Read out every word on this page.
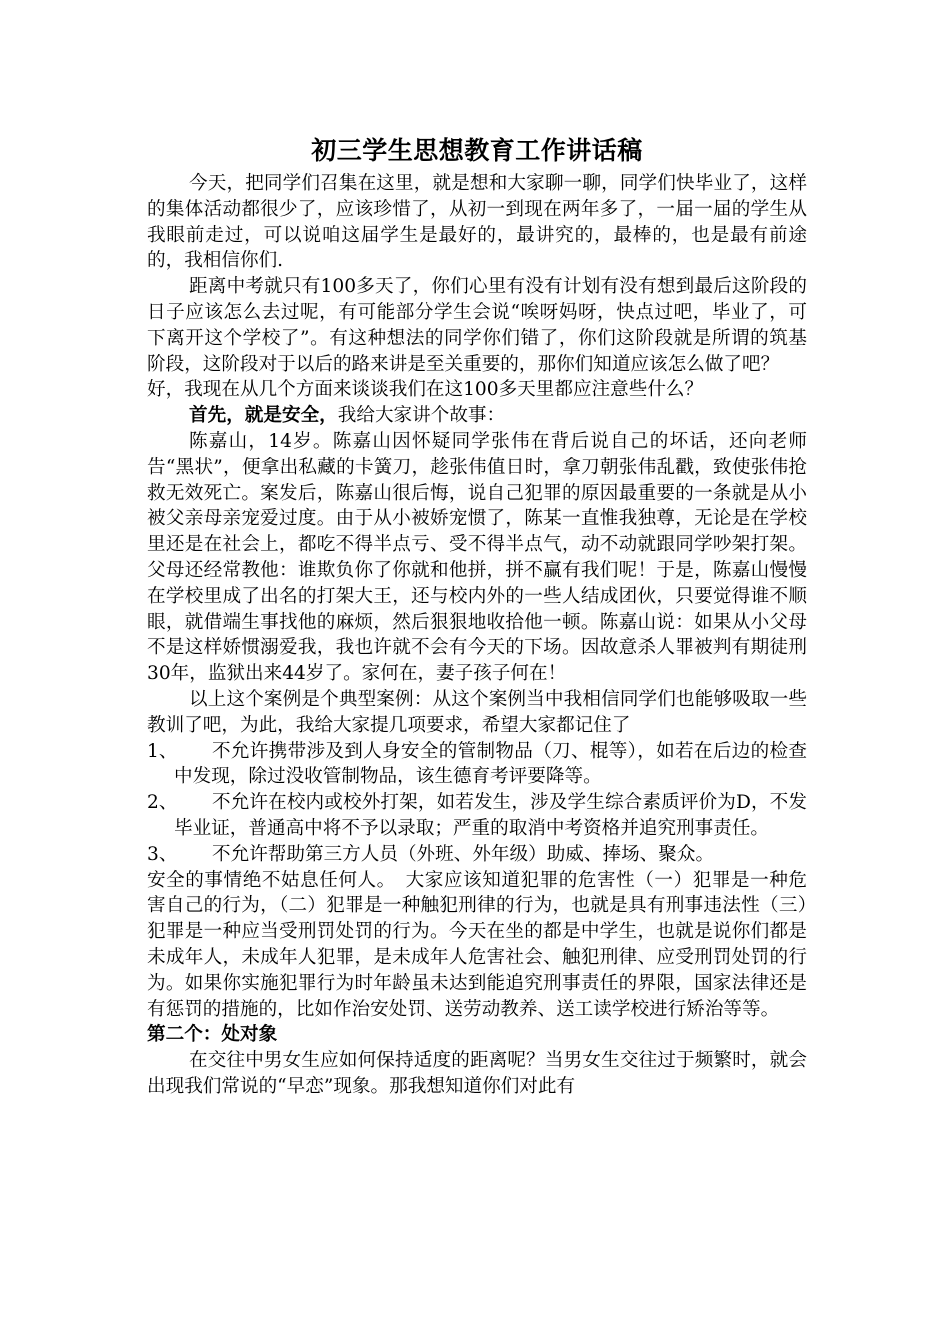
初三学生思想教育工作讲话稿

今天，把同学们召集在这里，就是想和大家聊一聊，同学们快毕业了，这样的集体活动都很少了，应该珍惜了，从初一到现在两年多了，一届一届的学生从我眼前走过，可以说咱这届学生是最好的，最讲究的，最棒的，也是最有前途的，我相信你们.

距离中考就只有100多天了，你们心里有没有计划有没有想到最后这阶段的日子应该怎么去过呢，有可能部分学生会说“唉呀妈呀，快点过吧，毕业了，可下离开这个学校了”。有这种想法的同学你们错了，你们这阶段就是所谓的筑基阶段，这阶段对于以后的路来讲是至关重要的，那你们知道应该怎么做了吧？

好，我现在从几个方面来谈谈我们在这100多天里都应注意些什么？

首先，就是安全，我给大家讲个故事：

陈嘉山，14岁。陈嘉山因怀疑同学张伟在背后说自己的坏话，还向老师告“黑状”，便拿出私藏的卡簧刀，趁张伟值日时，拿刀朝张伟乱戳，致使张伟抢救无效死亡。案发后，陈嘉山很后悔，说自己犯罪的原因最重要的一条就是从小被父亲母亲宠爱过度。由于从小被娇宠惯了，陈某一直惟我独尊，无论是在学校里还是在社会上，都吃不得半点亏、受不得半点气，动不动就跟同学吵架打架。父母还经常教他：谁欺负你了你就和他拼，拼不赢有我们呢！于是，陈嘉山慢慢在学校里成了出名的打架大王，还与校内外的一些人结成团伙，只要觉得谁不顺眼，就借端生事找他的麻烦，然后狠狠地收拾他一顿。陈嘉山说：如果从小父母不是这样娇惯溺爱我，我也许就不会有今天的下场。因故意杀人罪被判有期徒刑30年，监狱出来44岁了。家何在，妻子孩子何在！

以上这个案例是个典型案例：从这个案例当中我相信同学们也能够吸取一些教训了吧，为此，我给大家提几项要求，希望大家都记住了

1、	不允许携带涉及到人身安全的管制物品（刀、棍等），如若在后边的检查中发现，除过没收管制物品，该生德育考评要降等。
2、	不允许在校内或校外打架，如若发生，涉及学生综合素质评价为D，不发毕业证，普通高中将不予以录取；严重的取消中考资格并追究刑事责任。
3、	不允许帮助第三方人员（外班、外年级）助威、捧场、聚众。

安全的事情绝不姑息任何人。　大家应该知道犯罪的危害性（一）犯罪是一种危害自己的行为，（二）犯罪是一种触犯刑律的行为，也就是具有刑事违法性（三）犯罪是一种应当受刑罚处罚的行为。今天在坐的都是中学生，也就是说你们都是未成年人，未成年人犯罪，是未成年人危害社会、触犯刑律、应受刑罚处罚的行为。如果你实施犯罪行为时年龄虽未达到能追究刑事责任的界限，国家法律还是有惩罚的措施的，比如作治安处罚、送劳动教养、送工读学校进行矫治等等。

第二个：处对象

在交往中男女生应如何保持适度的距离呢？当男女生交往过于频繁时，就会出现我们常说的“早恋”现象。那我想知道你们对此有
